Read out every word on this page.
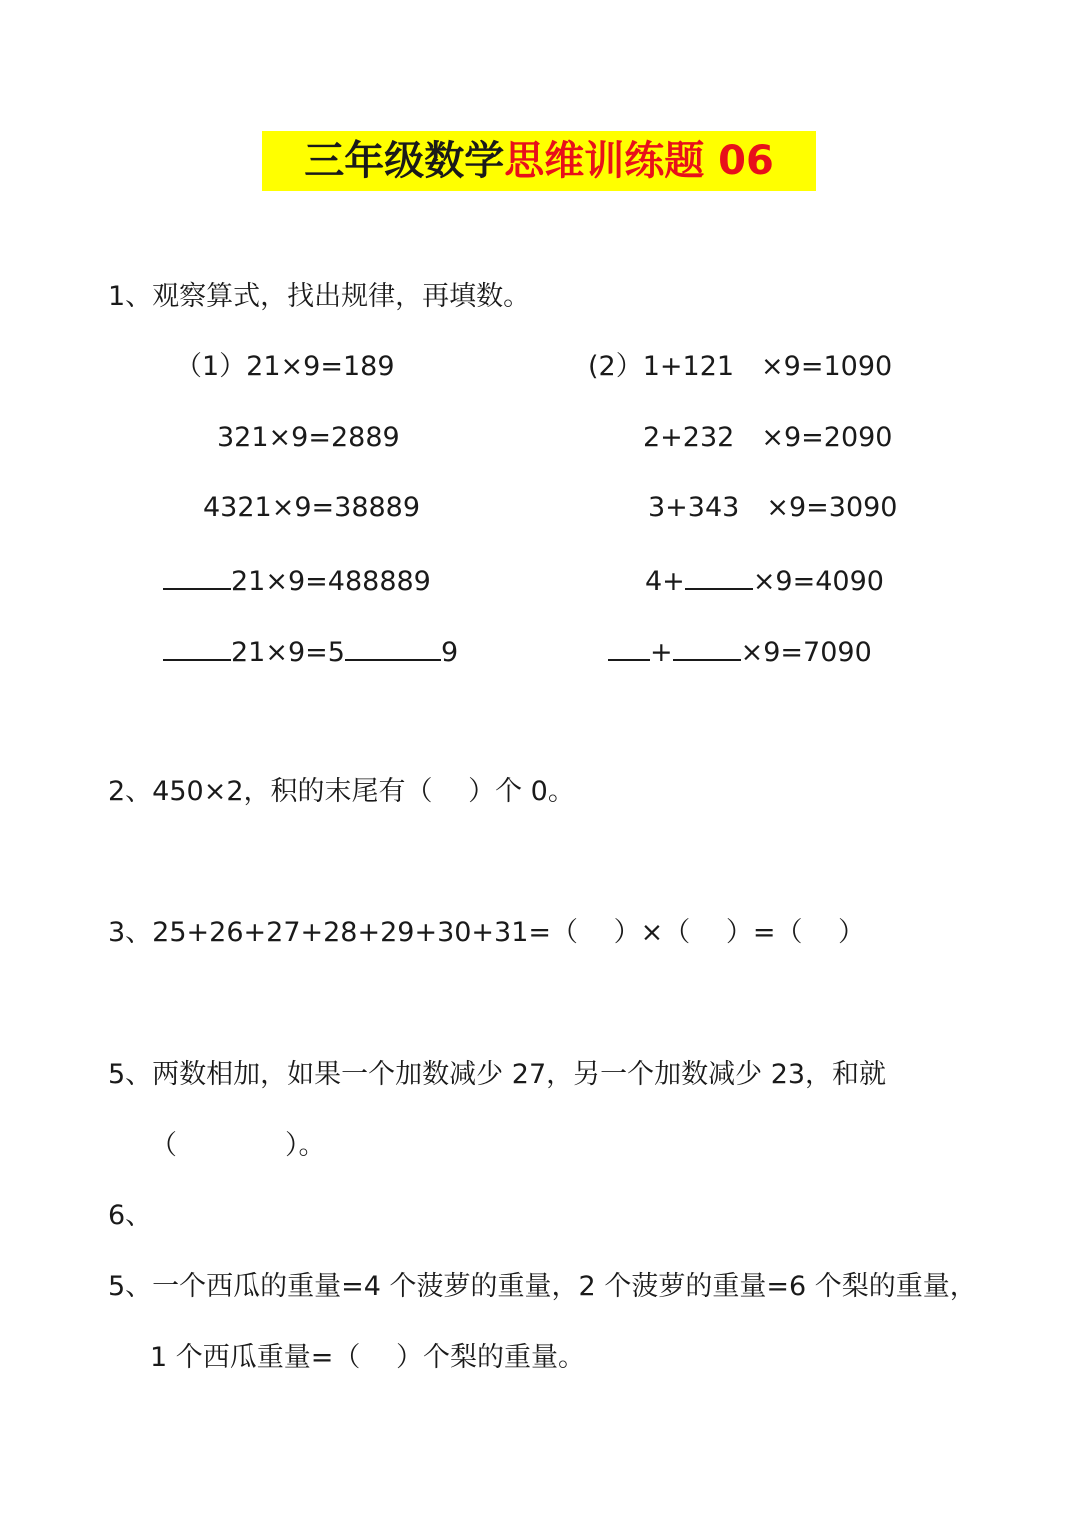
三年级数学 思维训练题 06
1、观察算式，找出规律，再填数。
（1）21×9=189
321×9=2889
4321×9=38889
21×9=488889
21×9=5	9
(2）1+121　×9=1090
2+232　×9=2090
3+343　×9=3090
4+	×9=4090
+	×9=7090
2、450×2，积的末尾有（　 ）个 0。
3、25+26+27+28+29+30+31=（　 ）×（　 ）=（　 ）
5、两数相加，如果一个加数减少 27，另一个加数减少 23，和就
（　　　　）。
6、
5、一个西瓜的重量=4 个菠萝的重量，2 个菠萝的重量=6 个梨的重量，
1 个西瓜重量=（　 ）个梨的重量。
